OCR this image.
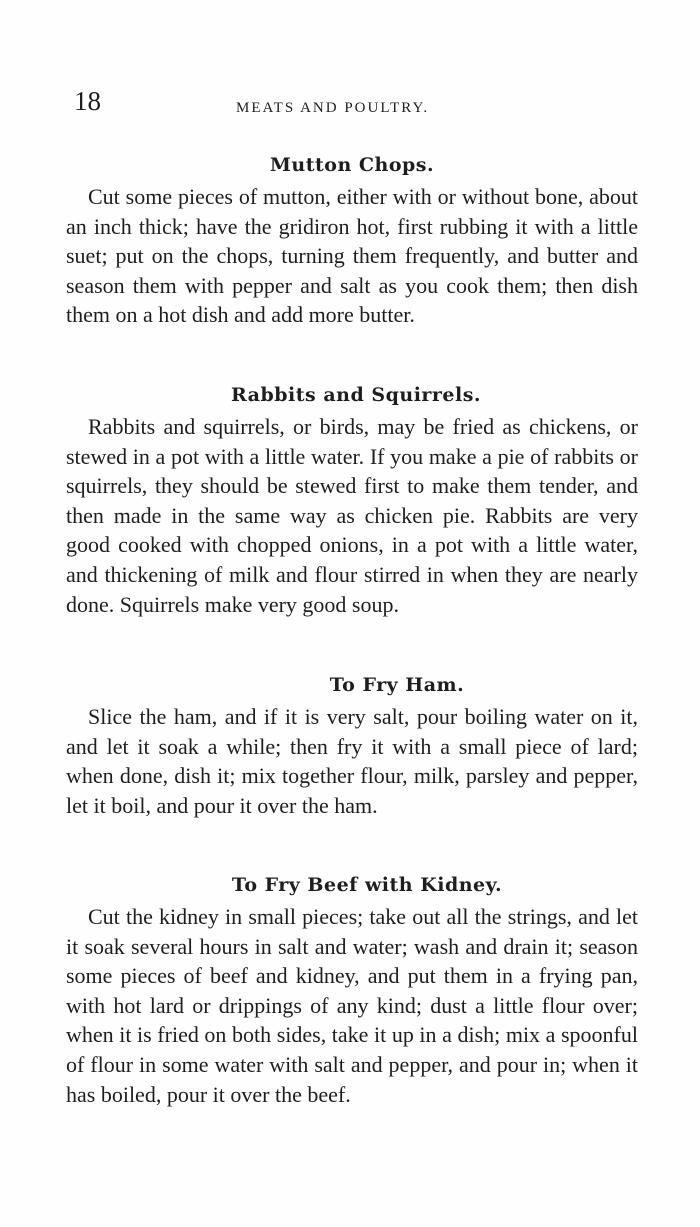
18	MEATS AND POULTRY.
Mutton Chops.

Cut some pieces of mutton, either with or without bone, about an inch thick; have the gridiron hot, first rubbing it with a little suet; put on the chops, turning them frequently, and butter and season them with pepper and salt as you cook them; then dish them on a hot dish and add more butter.

Rabbits and Squirrels.

Rabbits and squirrels, or birds, may be fried as chickens, or stewed in a pot with a little water. If you make a pie of rabbits or squirrels, they should be stewed first to make them tender, and then made in the same way as chicken pie. Rabbits are very good cooked with chopped onions, in a pot with a little water, and thickening of milk and flour stirred in when they are nearly done. Squirrels make very good soup.

To Fry Ham.

Slice the ham, and if it is very salt, pour boiling water on it, and let it soak a while; then fry it with a small piece of lard; when done, dish it; mix together flour, milk, parsley and pepper, let it boil, and pour it over the ham.

To Fry Beef with Kidney.

Cut the kidney in small pieces; take out all the strings, and let it soak several hours in salt and water; wash and drain it; season some pieces of beef and kidney, and put them in a frying pan, with hot lard or drippings of any kind; dust a little flour over; when it is fried on both sides, take it up in a dish; mix a spoonful of flour in some water with salt and pepper, and pour in; when it has boiled, pour it over the beef.
